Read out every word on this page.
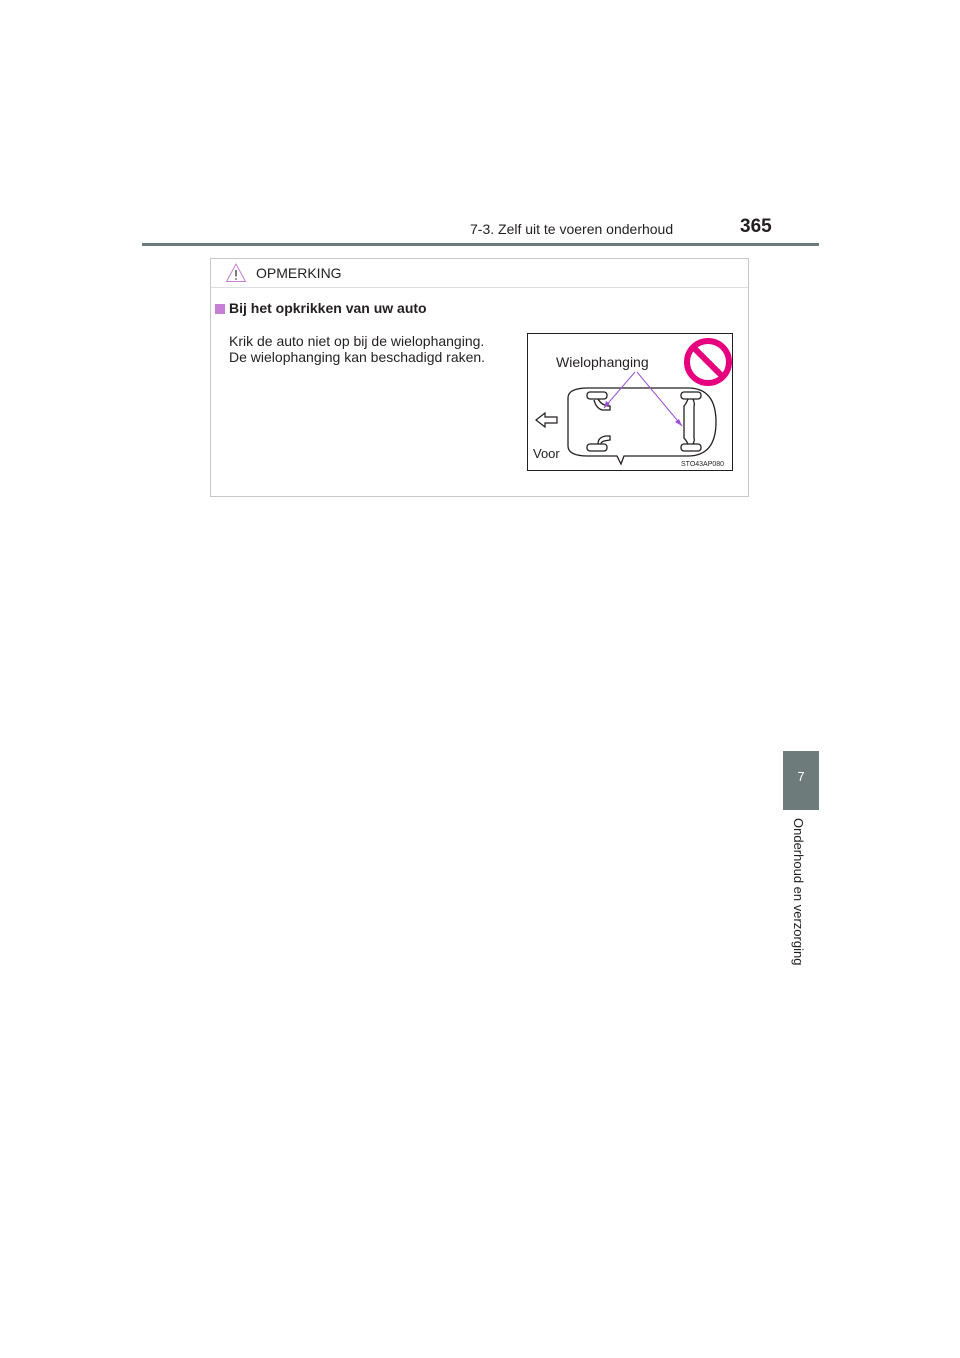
7-3. Zelf uit te voeren onderhoud	365
7
Onderhoud en verzorging
OPMERKING
Bij het opkrikken van uw auto
Krik de auto niet op bij de wielophanging.
De wielophanging kan beschadigd raken.	Wielophanging
Voor
STO43AP080
